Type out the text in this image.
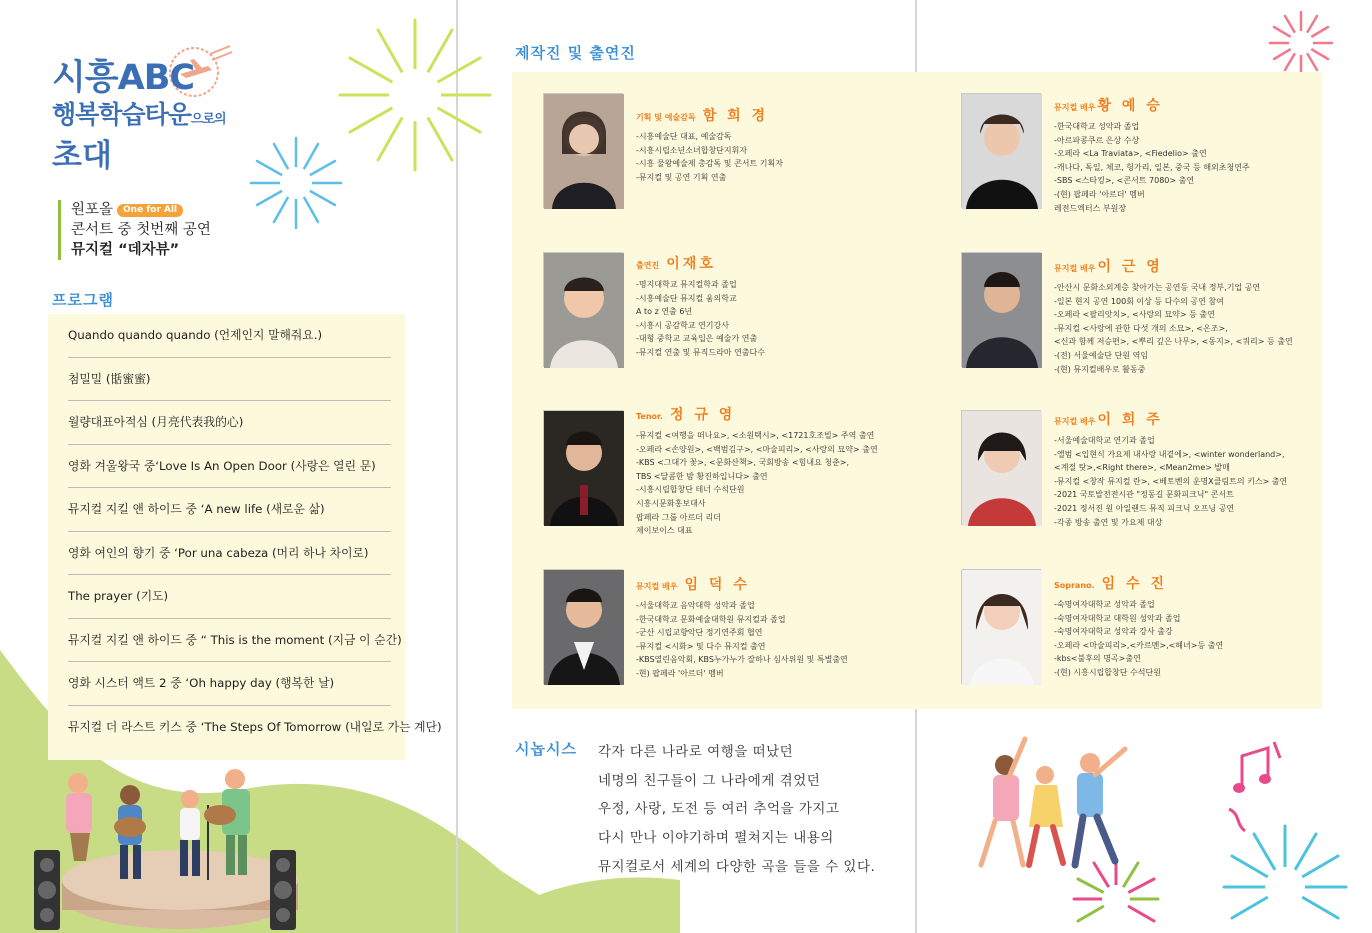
시흥ABC
행복학습타운으로의
초대
원포올 One for All
콘서트 중 첫번째 공연
뮤지컬 “데자뷰”
프로그램
Quando quando quando (언제인지 말해줘요.)
첨밀밀 (甛蜜蜜)
월량대표아적심 (月亮代表我的心)
영화 겨울왕국 중‘Love Is An Open Door (사랑은 열린 문)
뮤지컬 지킬 앤 하이드 중 ‘A new life (새로운 삶)
영화 여인의 향기 중 ‘Por una cabeza (머리 하나 차이로)
The prayer (기도)
뮤지컬 지킬 앤 하이드 중 “ This is the moment (지금 이 순간)
영화 시스터 액트 2 중 ‘Oh happy day (행복한 날)
뮤지컬 더 라스트 키스 중 ‘The Steps Of Tomorrow (내일로 가는 계단)
제작진 및 출연진
기획 및 예술감독 함 희 경
-시흥예술단 대표, 예술감독
-시흥시립소년소녀합창단지휘자
-시흥 물왕예술제 총감독 및 콘서트 기획자
-뮤지컬 및 공연 기획 연출
출연진 이재호
-명지대학교 뮤지컬학과 졸업
-시흥예술단 뮤지컬 움의학교
A to z 연출 6년
-시흥시 공감학교 연기강사
-대형 중학교 교육입은 예술가 연출
-뮤지컬 연출 및 뮤직드라마 연출다수
Tenor. 정 규 영
-뮤지컬 <여행을 떠나요>, <소원택시>, <1721호조빌> 주역 출연
-오페라 <손양원>, <백범김구>, <마술피리>, <사랑의 묘약> 출연
-KBS <그대가 꽃>, <문화산책>, 국회방송 <힘내요 청춘>,
TBS <달콤한 밤 황진하입니다> 출연
-시흥시립합창단 테너 수석단원
시흥시문화홍보대사
팝페라 그룹 아르더 리더
제이보이스 대표
뮤지컬 배우 임 덕 수
-서울대학교 음악대학 성악과 졸업
-한국대학교 문화예술대학원 뮤지컬과 졸업
-군산 시립교향악단 정기연주회 협연
-뮤지컬 <시화> 및 다수 뮤지컬 출연
-KBS열린음악회, KBS누가누가 잘하나 심사위원 및 특별출연
-현) 팝페라 '아르더' 멤버
뮤지컬 배우 황 예 승
-한국대학교 성악과 졸업
-아르파콩쿠르 은상 수상
-오페라 <La Traviata>, <Fiedelio> 출연
-캐나다, 독일, 체코, 헝가리, 일본, 중국 등 해외초청연주
-SBS <스타킹>, <콘서트 7080> 출연
-(현) 팝페라 '아르더' 멤버
레전드엑터스 부원장
뮤지컬 배우 이 근 영
-안산시 문화소외계층 찾아가는 공연등 국내 정부,기업 공연
-일본 현지 공연 100회 이상 등 다수의 공연 참여
-오페라 <팔리앗치>, <사랑의 묘약> 등 출연
-뮤지컬 <사랑에 관한 다섯 개의 소묘>, <온조>,
<신과 함께 저승편>, <뿌리 깊은 나무>, <동지>, <쿼리> 등 출연
-(전) 서울예술단 단원 역임
-(현) 뮤지컬배우로 활동중
뮤지컬 배우 이 희 주
-서울예술대학교 연기과 졸업
-앨범 <입현식 가요제 내사랑 내곁에>, <winter wonderland>,
<계절 탓>,<Right there>, <Mean2me> 발매
-뮤지컬 <창작 뮤지컬 란>, <베토벤의 운명X클림트의 키스> 출연
-2021 국토발전전시관 "정동길 문화피크닉" 콘서트
-2021 정서진 원 아일랜드 뮤직 피크닉 오프닝 공연
-각종 방송 출연 및 가요제 대상
Soprano. 임 수 진
-숙명여자대학교 성악과 졸업
-숙명여자대학교 대학원 성악과 졸업
-숙명여자대학교 성악과 강사 출강
-오페라 <마술피리>,<카르멘>,<헤녀>등 출연
-kbs<불후의 명곡>출연
-(현) 시흥시립합창단 수석단원
시놉시스 각자 다른 나라로 여행을 떠났던
네명의 친구들이 그 나라에게 겪었던
우정, 사랑, 도전 등 여러 추억을 가지고
다시 만나 이야기하며 펼쳐지는 내용의
뮤지컬로서 세계의 다양한 곡을 들을 수 있다.
